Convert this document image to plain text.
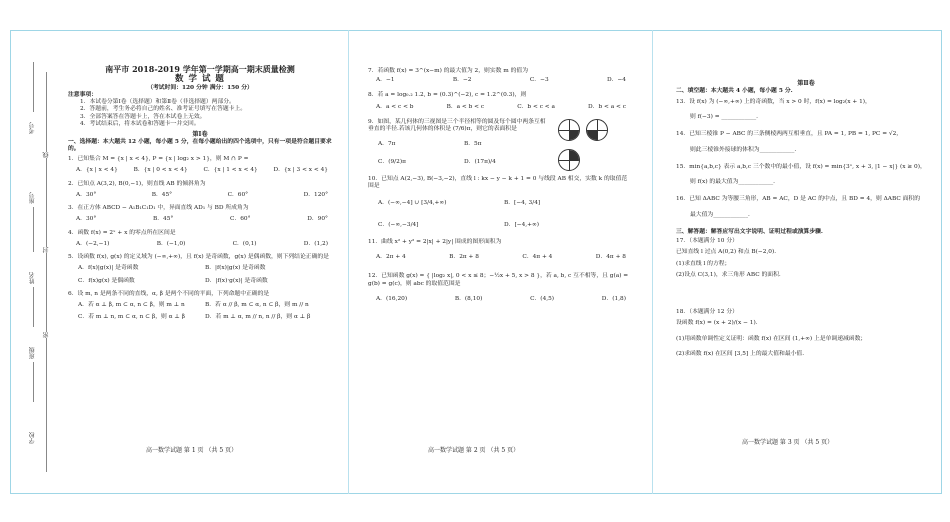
学校
班级
姓名
座号
考号
密
封
线
南平市 2018-2019 学年第一学期高一期末质量检测
数 学 试 题
（考试时间：120 分钟 满分：150 分）
注意事项：
1．本试卷分第Ⅰ卷（选择题）和第Ⅱ卷（非选择题）两部分。
2．答题前，考生务必将自己的姓名、准考证号填写在答题卡上。
3．全部答案答在答题卡上，答在本试卷上无效。
4．考试结束后，将本试卷和答题卡一并交回。
第Ⅰ卷
一、选择题：本大题共 12 小题，每小题 5 分，在每小题给出的四个选项中，只有一项是符合题目要求的。
1．已知集合 M = {x | x < 4}, P = {x | log₂ x > 1}，则 M ∩ P =
A．{x | x < 4}	B．{x | 0 < x < 4}	C．{x | 1 < x < 4}	D．{x | 3 < x < 4}
2．已知点 A(3,2), B(0,−1)，则直线 AB 的倾斜角为
A．30°	B．45°	C．60°	D．120°
3．在正方体 ABCD − A₁B₁C₁D₁ 中，异面直线 AD₁ 与 BD 所成角为
A．30°	B．45°	C．60°	D．90°
4．函数 f(x) = 2ˣ + x 的零点所在区间是
A．(−2,−1)	B．(−1,0)	C．(0,1)	D．(1,2)
5．设函数 f(x), g(x) 的定义域为 (−∞,+∞)，且 f(x) 是奇函数，g(x) 是偶函数，则下列结论正确的是
A．f(x)|g(x)| 是奇函数	B．|f(x)|g(x) 是奇函数
C．f(x)g(x) 是偶函数	D．|f(x)·g(x)| 是奇函数
6．设 m, n 是两条不同的直线，α, β 是两个不同的平面，下列命题中正确的是
A．若 α ⊥ β, m ⊂ α, n ⊂ β，则 m ⊥ n	B．若 α // β, m ⊂ α, n ⊂ β，则 m // n
C．若 m ⊥ n, m ⊂ α, n ⊂ β，则 α ⊥ β	D．若 m ⊥ α, m // n, n // β，则 α ⊥ β
高一数学试题 第 1 页 （共 5 页）
7．若函数 f(x) = 3^(x−m) 的最大值为 2，则实数 m 的值为
A．−1	B．−2	C．−3	D．−4
8．若 a = log₀.₂ 1.2, b = (0.3)^(−2), c = 1.2^(0.3)，则
A．a < c < b	B．a < b < c	C．b < c < a	D．b < a < c
9．如图，某几何体的三视图是三个半径相等的圆及每个圆中两条互相垂直的半径.若该几何体的体积是 (7/6)π，则它的表面积是
A．7π	B．5π
C．(9/2)π	D．(17π)/4
10．已知点 A(2,−3), B(−3,−2)，直线 l : kx − y − k + 1 = 0 与线段 AB 相交，实数 k 的取值范围是
A．(−∞,−4] ∪ [3/4,+∞)	B．[−4, 3/4]
C．(−∞,−3/4]	D．[−4,+∞)
11．曲线 x² + y² = 2|x| + 2|y| 围成的图形面积为
A．2π + 4	B．2π + 8	C．4π + 4	D．4π + 8
12．已知函数 g(x) = { |log₂ x|, 0 < x ≤ 8；−½x + 5, x > 8 }，若 a, b, c 互不相等，且 g(a) = g(b) = g(c)，则 abc 的取值范围是
A．(16,20)	B．(8,10)	C．(4,5)	D．(1,8)
高一数学试题 第 2 页 （共 5 页）
第Ⅱ卷
二、填空题：本大题共 4 小题，每小题 5 分.
13．设 f(x) 为 (−∞,+∞) 上的奇函数，当 x > 0 时，f(x) = log₂(x + 1)，
则 f(−3) = ____________.
14．已知三棱锥 P − ABC 的三条侧棱两两互相垂直，且 PA = 1, PB = 1, PC = √2，
则此三棱锥外接球的体积为____________.
15．min{a,b,c} 表示 a,b,c 三个数中的最小值，设 f(x) = min{3ˣ, x + 3, |1 − x|} (x ≥ 0)，
则 f(x) 的最大值为____________.
16．已知 ΔABC 为等腰三角形，AB = AC，D 是 AC 的中点，且 BD = 4，则 ΔABC 面积的
最大值为____________.
三、解答题：解答应写出文字说明、证明过程或演算步骤.
17．（本题满分 10 分）
已知直线 l 过点 A(0,2) 和点 B(−2,0).
(1)求直线 l 的方程；
(2)设点 C(3,1)，求三角形 ABC 的面积.
18．（本题满分 12 分）
设函数 f(x) = (x + 2)/(x − 1).
(1)用函数单调性定义证明：函数 f(x) 在区间 (1,+∞) 上是单调递减函数；
(2)求函数 f(x) 在区间 [3,5] 上的最大值和最小值.
高一数学试题 第 3 页 （共 5 页）
